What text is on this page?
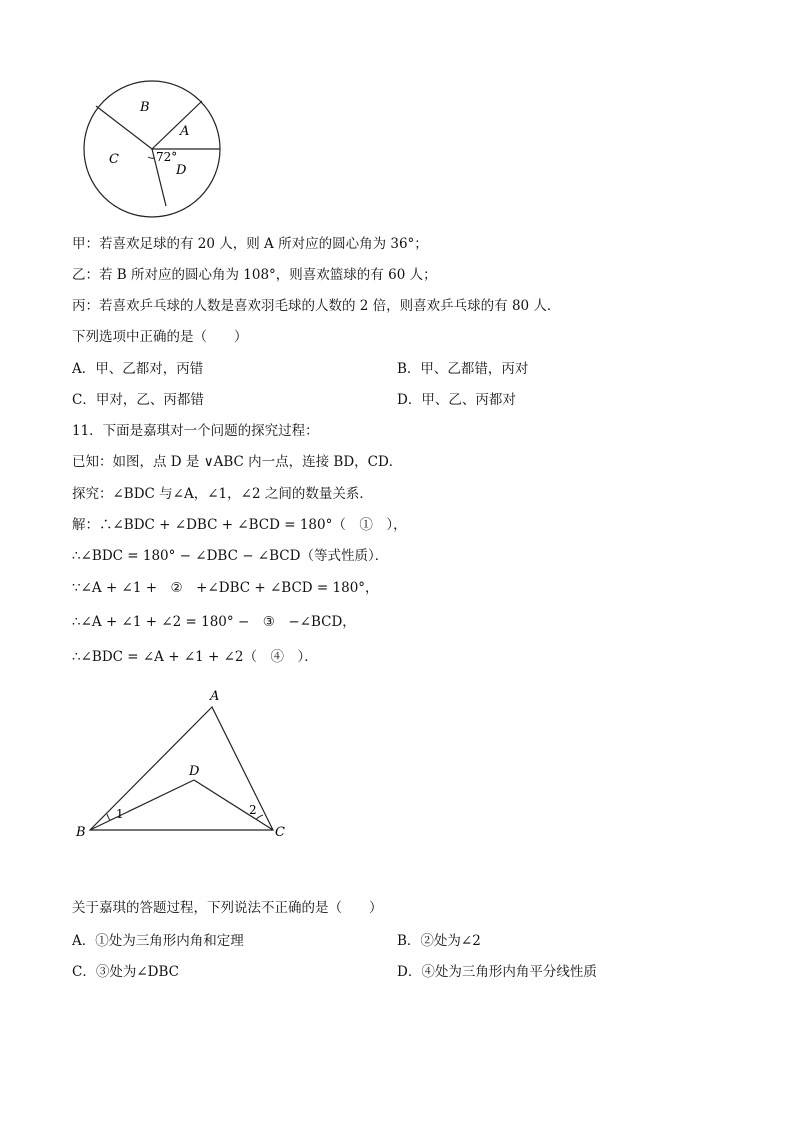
B
A
C
D
72°
甲：若喜欢足球的有 20 人，则 A 所对应的圆心角为 36°；
乙：若 B 所对应的圆心角为 108°，则喜欢篮球的有 60 人；
丙：若喜欢乒乓球的人数是喜欢羽毛球的人数的 2 倍，则喜欢乒乓球的有 80 人．
下列选项中正确的是（　　）
A．甲、乙都对，丙错	B．甲、乙都错，丙对
C．甲对，乙、丙都错	D．甲、乙、丙都对
11．下面是嘉琪对一个问题的探究过程：
已知：如图，点 D 是 ∨ABC 内一点，连接 BD，CD．
探究：∠BDC 与∠A，∠1，∠2 之间的数量关系．
解：∴∠BDC + ∠DBC + ∠BCD = 180°（　①　），
∴∠BDC = 180° − ∠DBC − ∠BCD（等式性质）．
∵∠A + ∠1 +　②　+∠DBC + ∠BCD = 180°，
∴∠A + ∠1 + ∠2 = 180° −　③　−∠BCD，
∴∠BDC = ∠A + ∠1 + ∠2（　④　）．
A
B	C
D
1	2
关于嘉琪的答题过程，下列说法不正确的是（　　）
A．①处为三角形内角和定理	B．②处为∠2
C．③处为∠DBC	D．④处为三角形内角平分线性质
